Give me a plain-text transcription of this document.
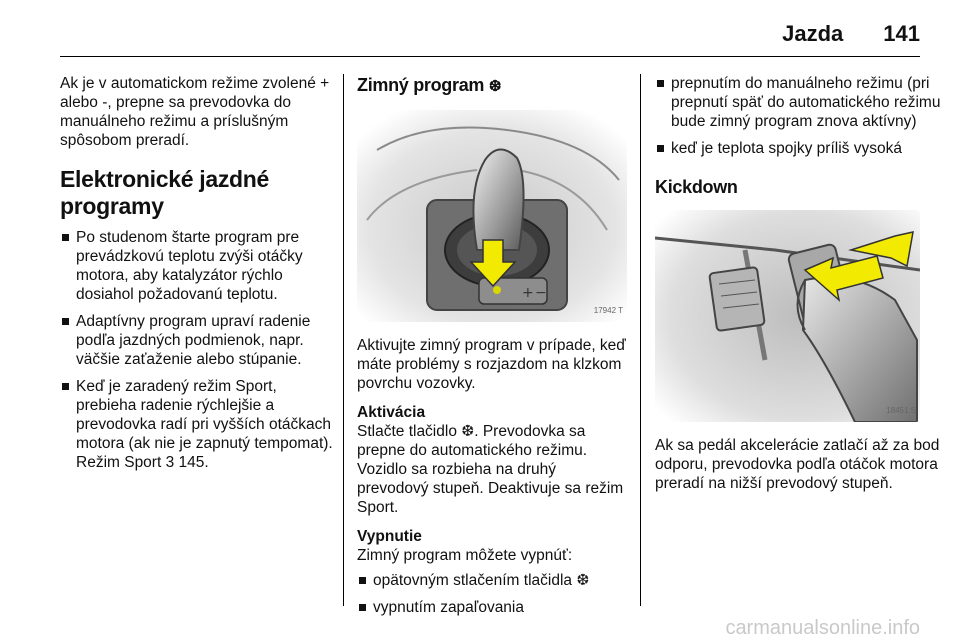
Jazda 141

Ak je v automatickom režime zvolené + alebo -, prepne sa prevodovka do manuálneho režimu a príslušným spôsobom preradí.

Elektronické jazdné programy
Po studenom štarte program pre prevádzkovú teplotu zvýši otáčky motora, aby katalyzátor rýchlo dosiahol požadovanú teplotu.
Adaptívny program upraví radenie podľa jazdných podmienok, napr. väčšie zaťaženie alebo stúpanie.
Keď je zaradený režim Sport, prebieha radenie rýchlejšie a prevodovka radí pri vyšších otáčkach motora (ak nie je zapnutý tempomat). Režim Sport 3 145.
Zimný program ❆
+ −
17942 T

Aktivujte zimný program v prípade, keď máte problémy s rozjazdom na klzkom povrchu vozovky.

Aktivácia

Stlačte tlačidlo ❆. Prevodovka sa prepne do automatického režimu. Vozidlo sa rozbieha na druhý prevodový stupeň. Deaktivuje sa režim Sport.

Vypnutie

Zimný program môžete vypnúť:

opätovným stlačením tlačidla ❆
vypnutím zapaľovania
prepnutím do manuálneho režimu (pri prepnutí späť do automatického režimu bude zimný program znova aktívny)
keď je teplota spojky príliš vysoká
Kickdown
18451 S

Ak sa pedál akcelerácie zatlačí až za bod odporu, prevodovka podľa otáčok motora preradí na nižší prevodový stupeň.

carmanualsonline.info
